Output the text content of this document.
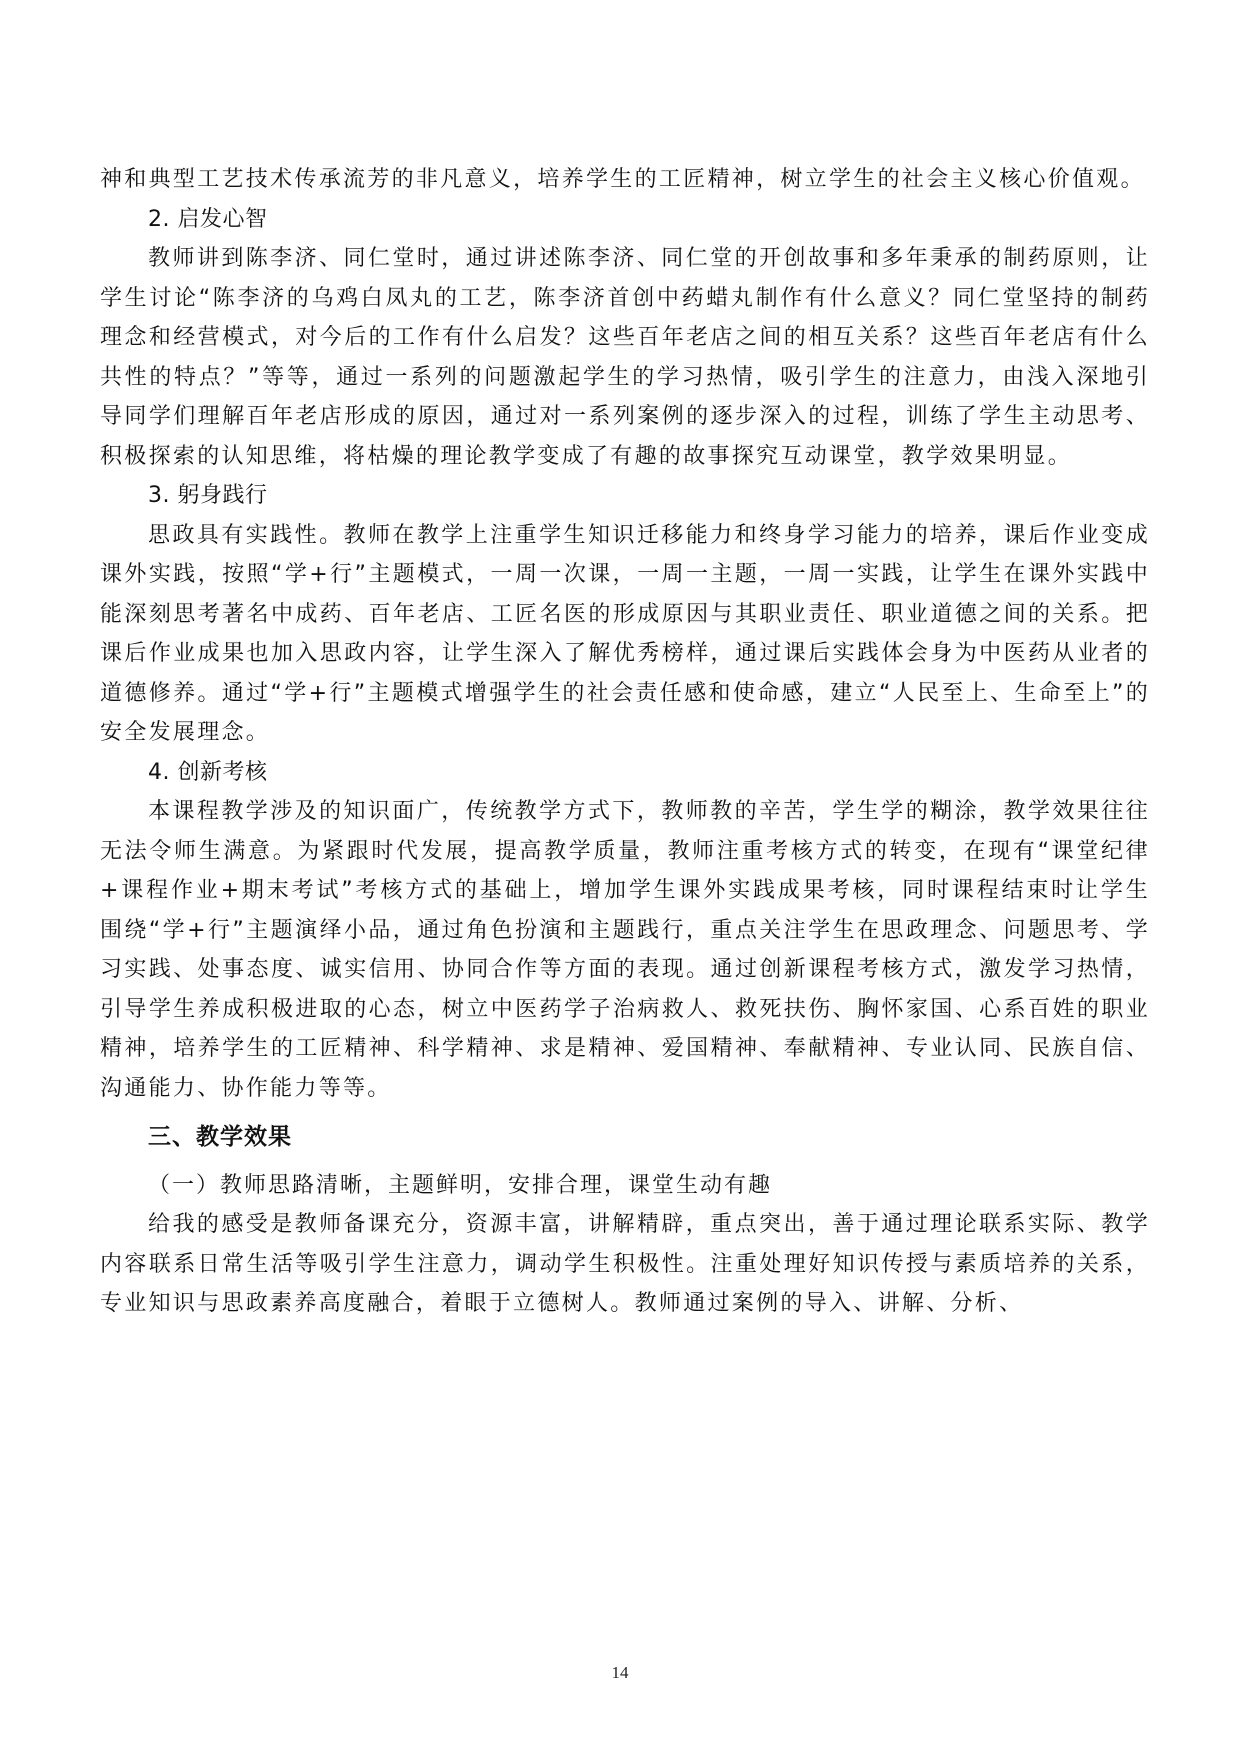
神和典型工艺技术传承流芳的非凡意义，培养学生的工匠精神，树立学生的社会主义核心价值观。

2. 启发心智

教师讲到陈李济、同仁堂时，通过讲述陈李济、同仁堂的开创故事和多年秉承的制药原则，让学生讨论“陈李济的乌鸡白凤丸的工艺，陈李济首创中药蜡丸制作有什么意义？同仁堂坚持的制药理念和经营模式，对今后的工作有什么启发？这些百年老店之间的相互关系？这些百年老店有什么共性的特点？”等等，通过一系列的问题激起学生的学习热情，吸引学生的注意力，由浅入深地引导同学们理解百年老店形成的原因，通过对一系列案例的逐步深入的过程，训练了学生主动思考、积极探索的认知思维，将枯燥的理论教学变成了有趣的故事探究互动课堂，教学效果明显。

3. 躬身践行

思政具有实践性。教师在教学上注重学生知识迁移能力和终身学习能力的培养，课后作业变成课外实践，按照“学+行”主题模式，一周一次课，一周一主题，一周一实践，让学生在课外实践中能深刻思考著名中成药、百年老店、工匠名医的形成原因与其职业责任、职业道德之间的关系。把课后作业成果也加入思政内容，让学生深入了解优秀榜样，通过课后实践体会身为中医药从业者的道德修养。通过“学+行”主题模式增强学生的社会责任感和使命感，建立“人民至上、生命至上”的安全发展理念。

4. 创新考核

本课程教学涉及的知识面广，传统教学方式下，教师教的辛苦，学生学的糊涂，教学效果往往无法令师生满意。为紧跟时代发展，提高教学质量，教师注重考核方式的转变，在现有“课堂纪律+课程作业+期末考试”考核方式的基础上，增加学生课外实践成果考核，同时课程结束时让学生围绕“学+行”主题演绎小品，通过角色扮演和主题践行，重点关注学生在思政理念、问题思考、学习实践、处事态度、诚实信用、协同合作等方面的表现。通过创新课程考核方式，激发学习热情，引导学生养成积极进取的心态，树立中医药学子治病救人、救死扶伤、胸怀家国、心系百姓的职业精神，培养学生的工匠精神、科学精神、求是精神、爱国精神、奉献精神、专业认同、民族自信、沟通能力、协作能力等等。

三、教学效果

（一）教师思路清晰，主题鲜明，安排合理，课堂生动有趣

给我的感受是教师备课充分，资源丰富，讲解精辟，重点突出，善于通过理论联系实际、教学内容联系日常生活等吸引学生注意力，调动学生积极性。注重处理好知识传授与素质培养的关系，专业知识与思政素养高度融合，着眼于立德树人。教师通过案例的导入、讲解、分析、

14
